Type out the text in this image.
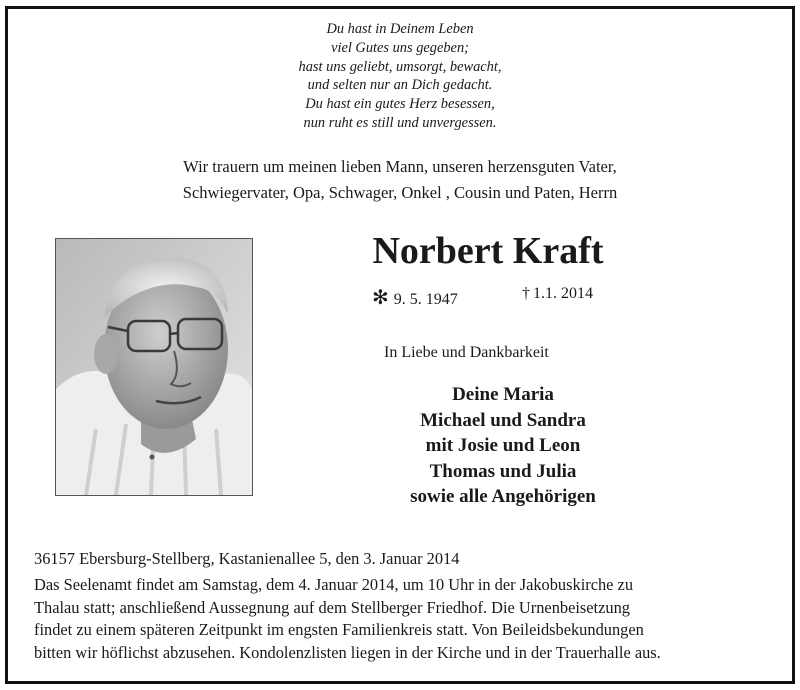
Du hast in Deinem Leben
viel Gutes uns gegeben;
hast uns geliebt, umsorgt, bewacht,
und selten nur an Dich gedacht.
Du hast ein gutes Herz besessen,
nun ruht es still und unvergessen.
Wir trauern um meinen lieben Mann, unseren herzensguten Vater,
Schwiegervater, Opa, Schwager, Onkel , Cousin und Paten, Herrn
Norbert Kraft
✻ 9. 5. 1947	† 1.1. 2014
In Liebe und Dankbarkeit
Deine Maria
Michael und Sandra
mit Josie und Leon
Thomas und Julia
sowie alle Angehörigen
36157 Ebersburg-Stellberg, Kastanienallee 5, den 3. Januar 2014
Das Seelenamt findet am Samstag, dem 4. Januar 2014, um 10 Uhr in der Jakobuskirche zu
Thalau statt; anschließend Aussegnung auf dem Stellberger Friedhof. Die Urnenbeisetzung
findet zu einem späteren Zeitpunkt im engsten Familienkreis statt. Von Beileidsbekundungen
bitten wir höflichst abzusehen. Kondolenzlisten liegen in der Kirche und in der Trauerhalle aus.
